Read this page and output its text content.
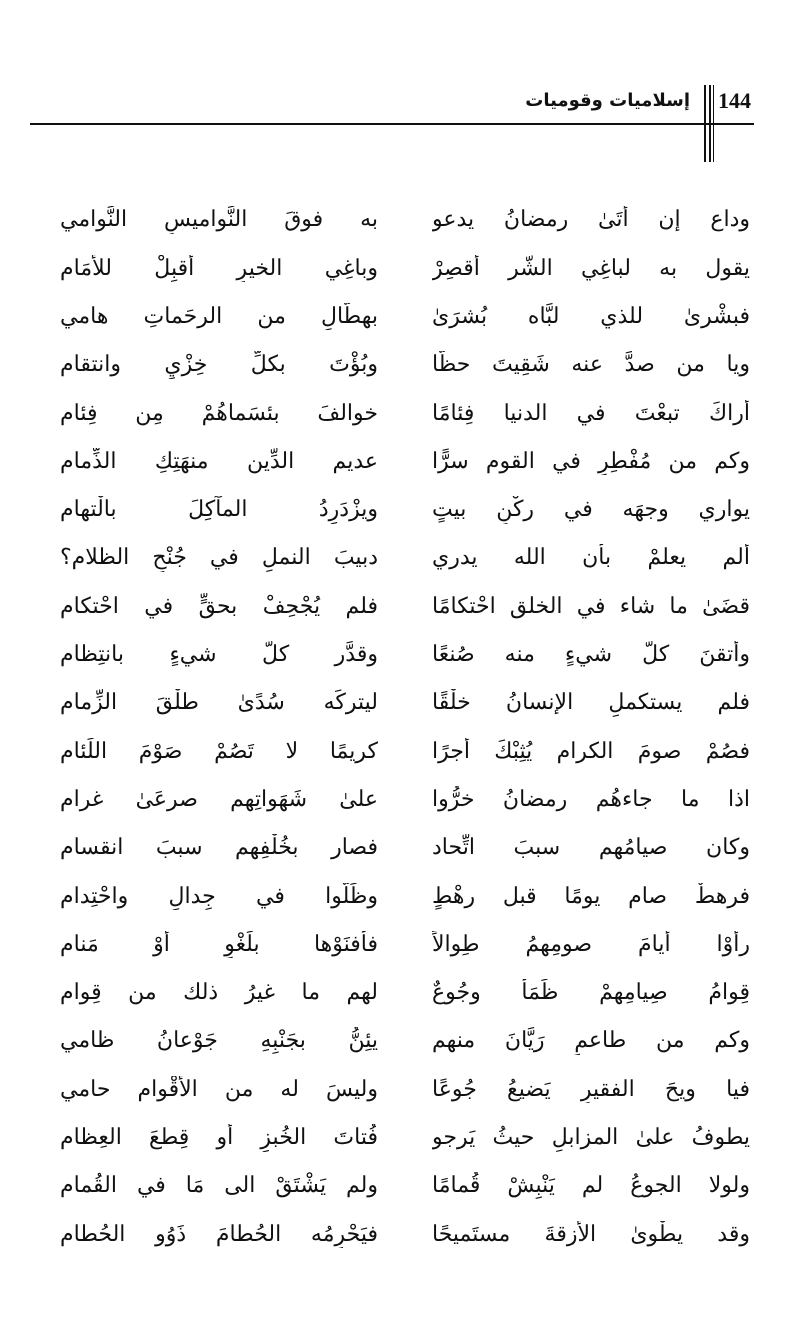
144
إسلاميات وقوميات
وداع إن أتَىٰ رمضانُ يدعو
به فوقَ النَّواميسِ النَّوامي
يقول به لباغِي الشَّر أقصِرْ
وباغِي الخيرِ أقبِلْ للأمَام
فبشْرىٰ للذي لبَّاه بُشرَىٰ
بهطَّالٍ من الرحَماتِ هامي
ويا من صدَّ عنه شَقِيتَ حظًّا
وبُؤْتَ بكلِّ خِزْيٍ وانتقام
أراكَ تبعْتَ في الدنيا فِئامًا
خوالفَ بئسَماهُمْ مِن فِئام
وكم من مُفْطِرٍ في القوم سرًّا
عديمِ الدِّينِ منهَتِكِ الذِّمام
يواري وجهَه في ركْنِ بيتٍ
ويزْدَرِدُ المآكِلَ بالْتهام
ألم يعلمْ بأن الله يدري
دبيبَ النملِ في جُنْحِ الظلام؟
قضَىٰ ما شاء في الخلق احْتكامًا
فلم يُجْحِفْ بحقٍّ في احْتكام
وأتقنَ كلَّ شيءٍ منه صُنعًا
وقدَّر كلَّ شيءٍ بانتِظام
فلم يستكملِ الإنسانُ خلْقًا
ليتركَه سُدًىٰ طلْقَ الزِّمام
فصُمْ صومَ الكرامِ يُثِبْكَ أجرًا
كريمًا لا تَصُمْ صَوْمَ اللِّئام
اذا ما جاءهُم رمضانُ خرُّوا
علىٰ شَهَواتِهم صرعَىٰ غرام
وكان صيامُهم سببَ اتِّحاد
فصار بخُلْفِهم سببَ انقسام
فرهطٌ صام يومًا قبل رهْطٍ
وظَلُّوا في جِدالٍ واحْتِدام
رأوْا أيامَ صومِهِمُ طِوالاً
فأفنَوْها بلَغْوٍ أوْ مَنام
قِوامُ صِيامِهمْ ظَمَأٌ وجُوعٌ
لهم ما غيرُ ذلك من قِوام
وكم من طاعمٍ رَيَّانَ منهم
يئِنُّ بجَنْبِهِ جَوْعانُ ظامي
فيا ويحَ الفقيرِ يَضيعُ جُوعًا
وليسَ له من الأقْوامِ حامي
يطوفُ علىٰ المزابلِ حيثُ يَرجو
فُتاتَ الخُبزِ أو قِطعَ العِظام
ولولا الجوعُ لم يَنْبِشْ قُمامًا
ولم يَشْتَقْ الى مَا في القُمام
وقد يطْوىٰ الأزقةَ مستَميحًا
فيَحْرِمُه الحُطامَ ذَوُو الحُطام
